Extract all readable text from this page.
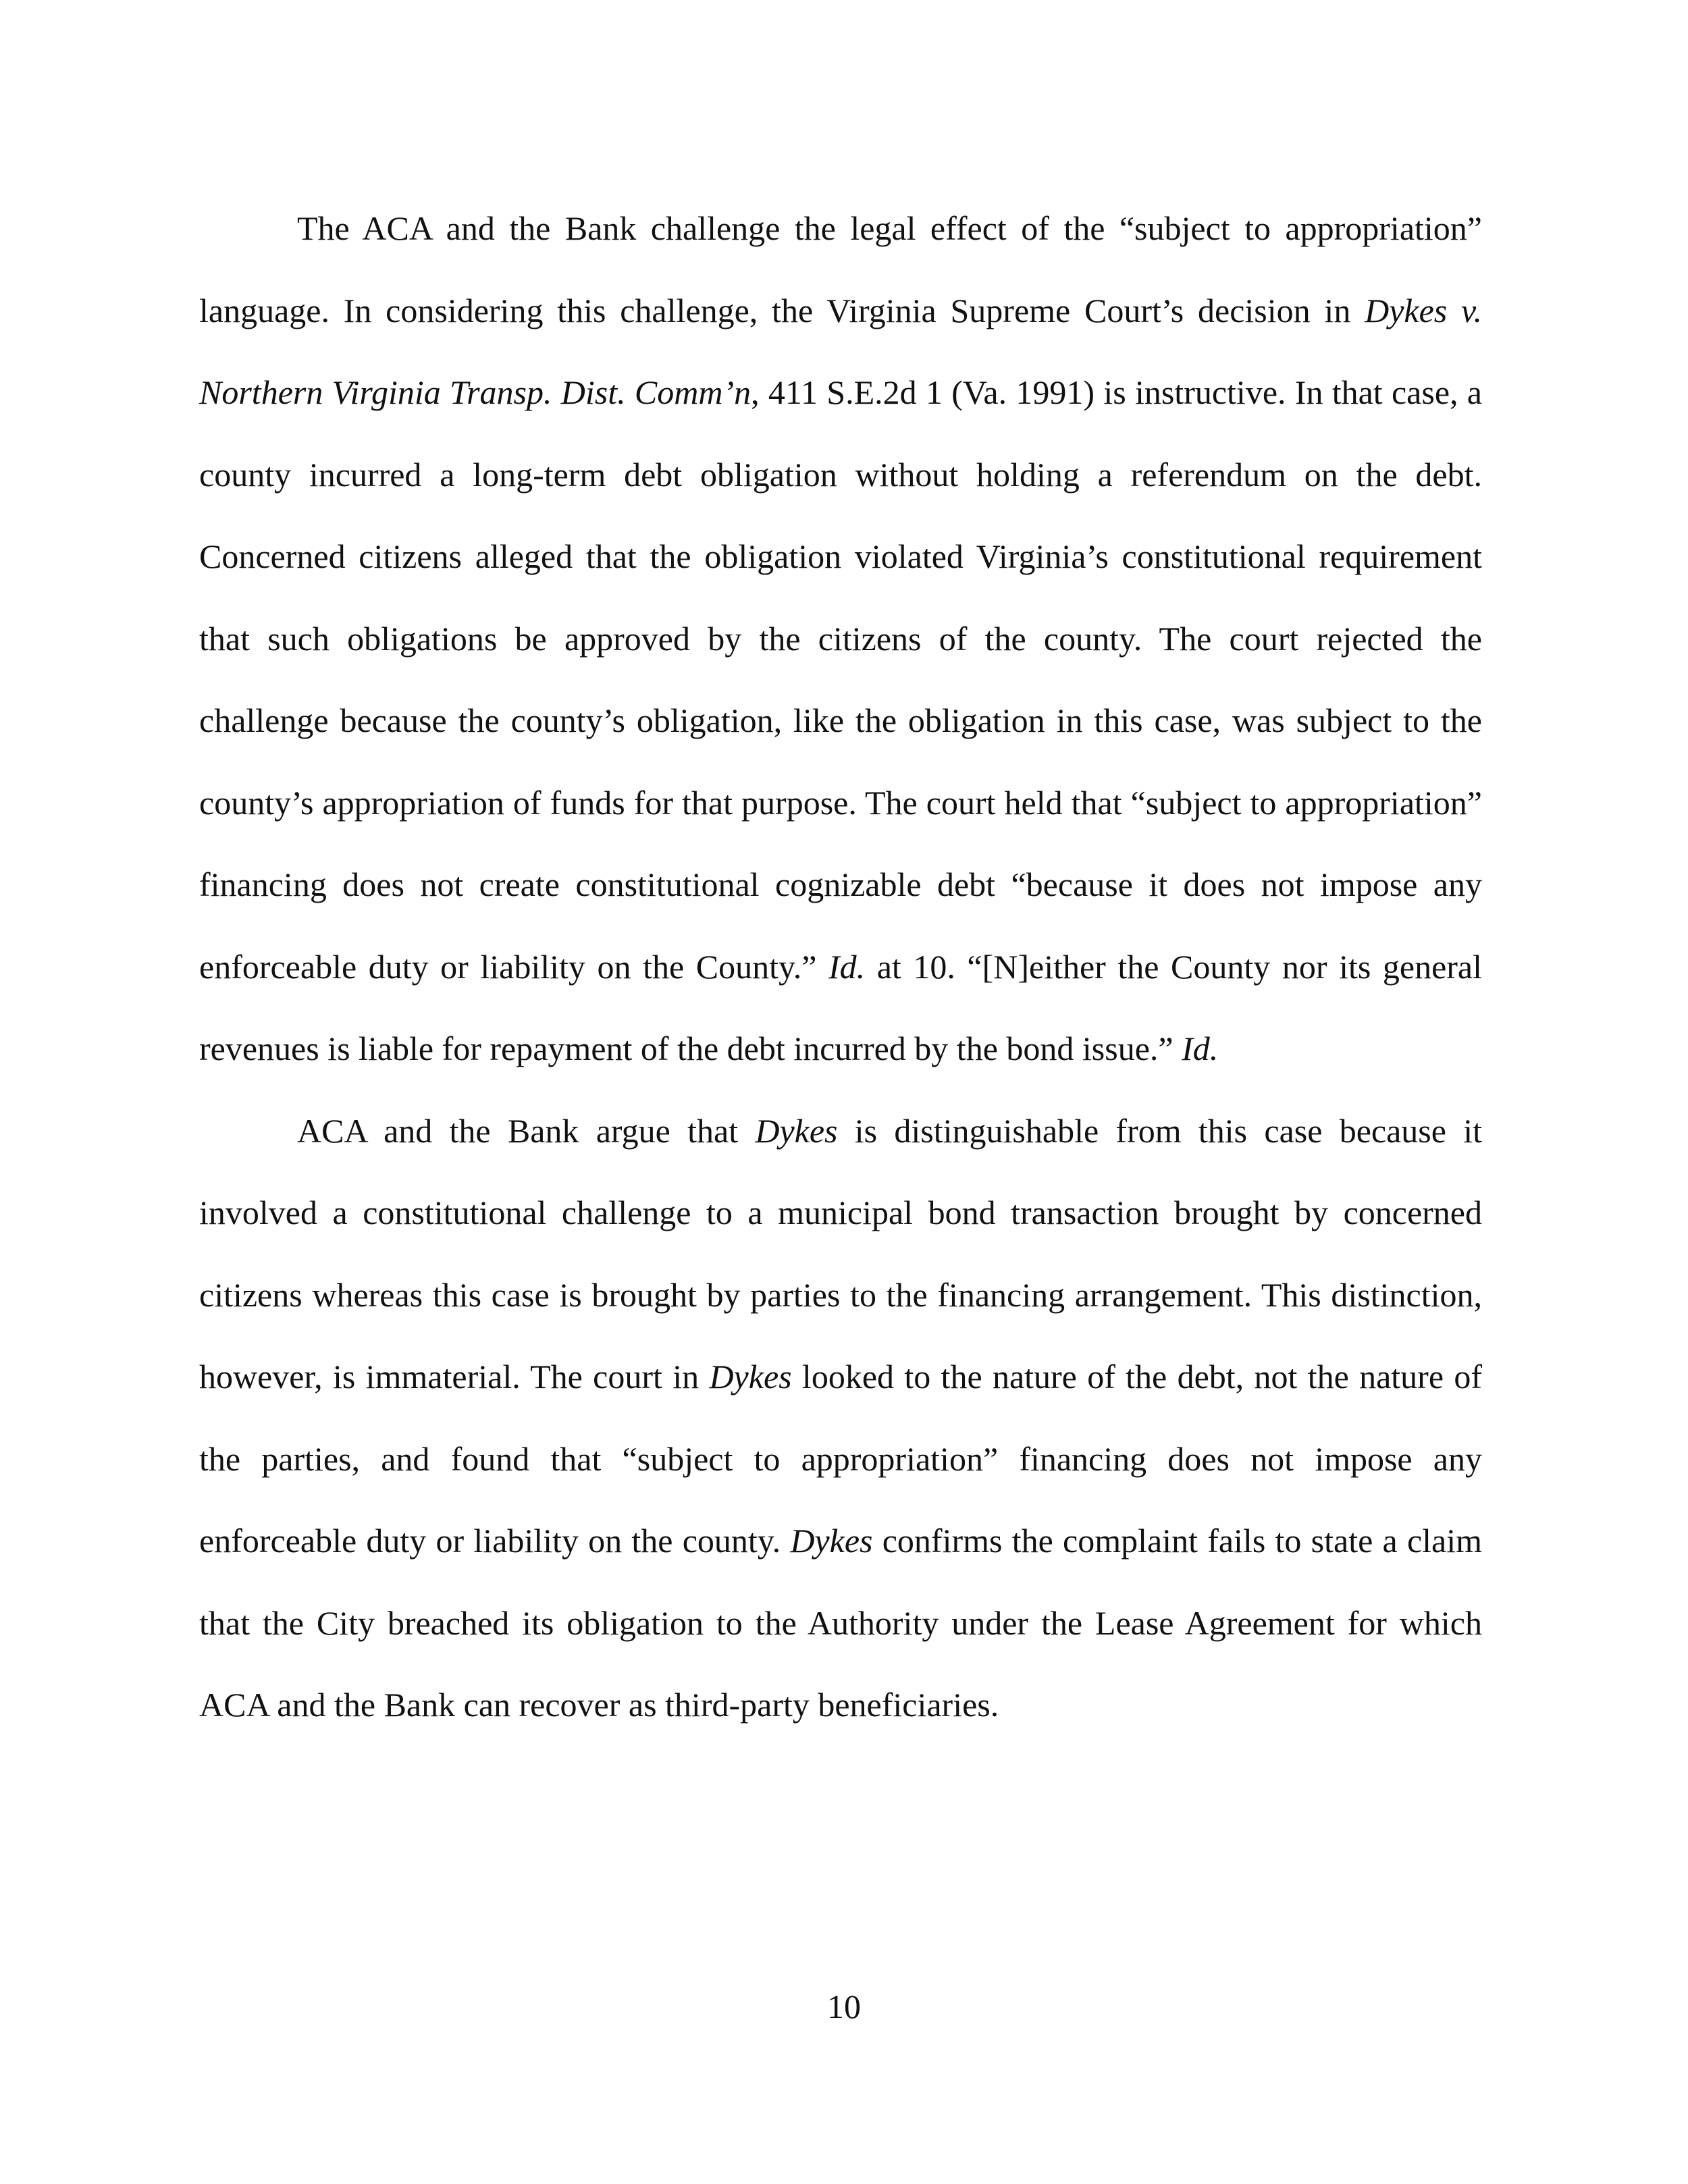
The ACA and the Bank challenge the legal effect of the “subject to appropriation” language. In considering this challenge, the Virginia Supreme Court’s decision in Dykes v. Northern Virginia Transp. Dist. Comm’n, 411 S.E.2d 1 (Va. 1991) is instructive. In that case, a county incurred a long-term debt obligation without holding a referendum on the debt. Concerned citizens alleged that the obligation violated Virginia’s constitutional requirement that such obligations be approved by the citizens of the county. The court rejected the challenge because the county’s obligation, like the obligation in this case, was subject to the county’s appropriation of funds for that purpose. The court held that “subject to appropriation” financing does not create constitutional cognizable debt “because it does not impose any enforceable duty or liability on the County.” Id. at 10. “[N]either the County nor its general revenues is liable for repayment of the debt incurred by the bond issue.” Id.

ACA and the Bank argue that Dykes is distinguishable from this case because it involved a constitutional challenge to a municipal bond transaction brought by concerned citizens whereas this case is brought by parties to the financing arrangement. This distinction, however, is immaterial. The court in Dykes looked to the nature of the debt, not the nature of the parties, and found that “subject to appropriation” financing does not impose any enforceable duty or liability on the county. Dykes confirms the complaint fails to state a claim that the City breached its obligation to the Authority under the Lease Agreement for which ACA and the Bank can recover as third-party beneficiaries.

10
